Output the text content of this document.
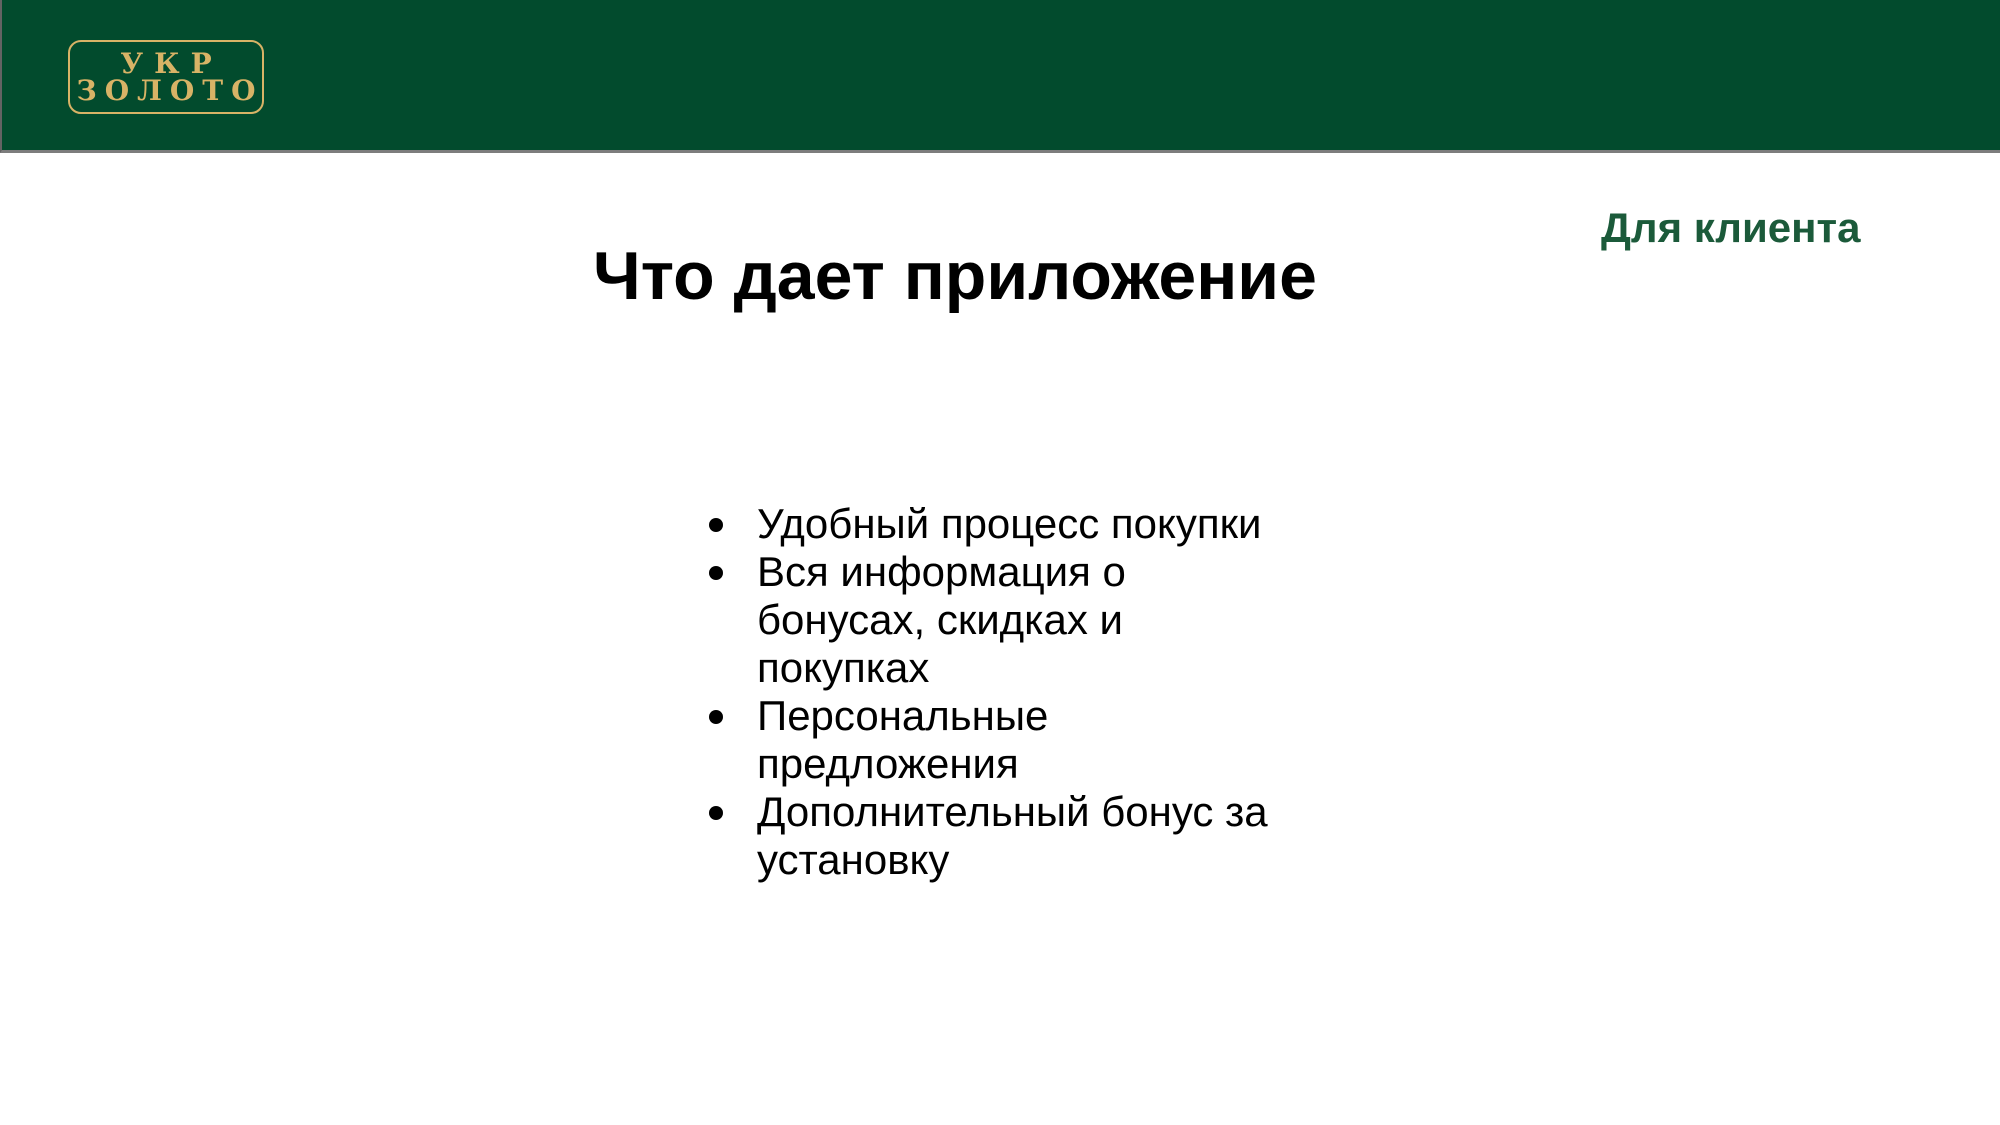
УКР
ЗОЛОТО
Что дает приложение
Для клиента
Удобный процесс покупки
Вся информация о бонусах, скидках и покупках
Персональные предложения
Дополнительный бонус за установку
